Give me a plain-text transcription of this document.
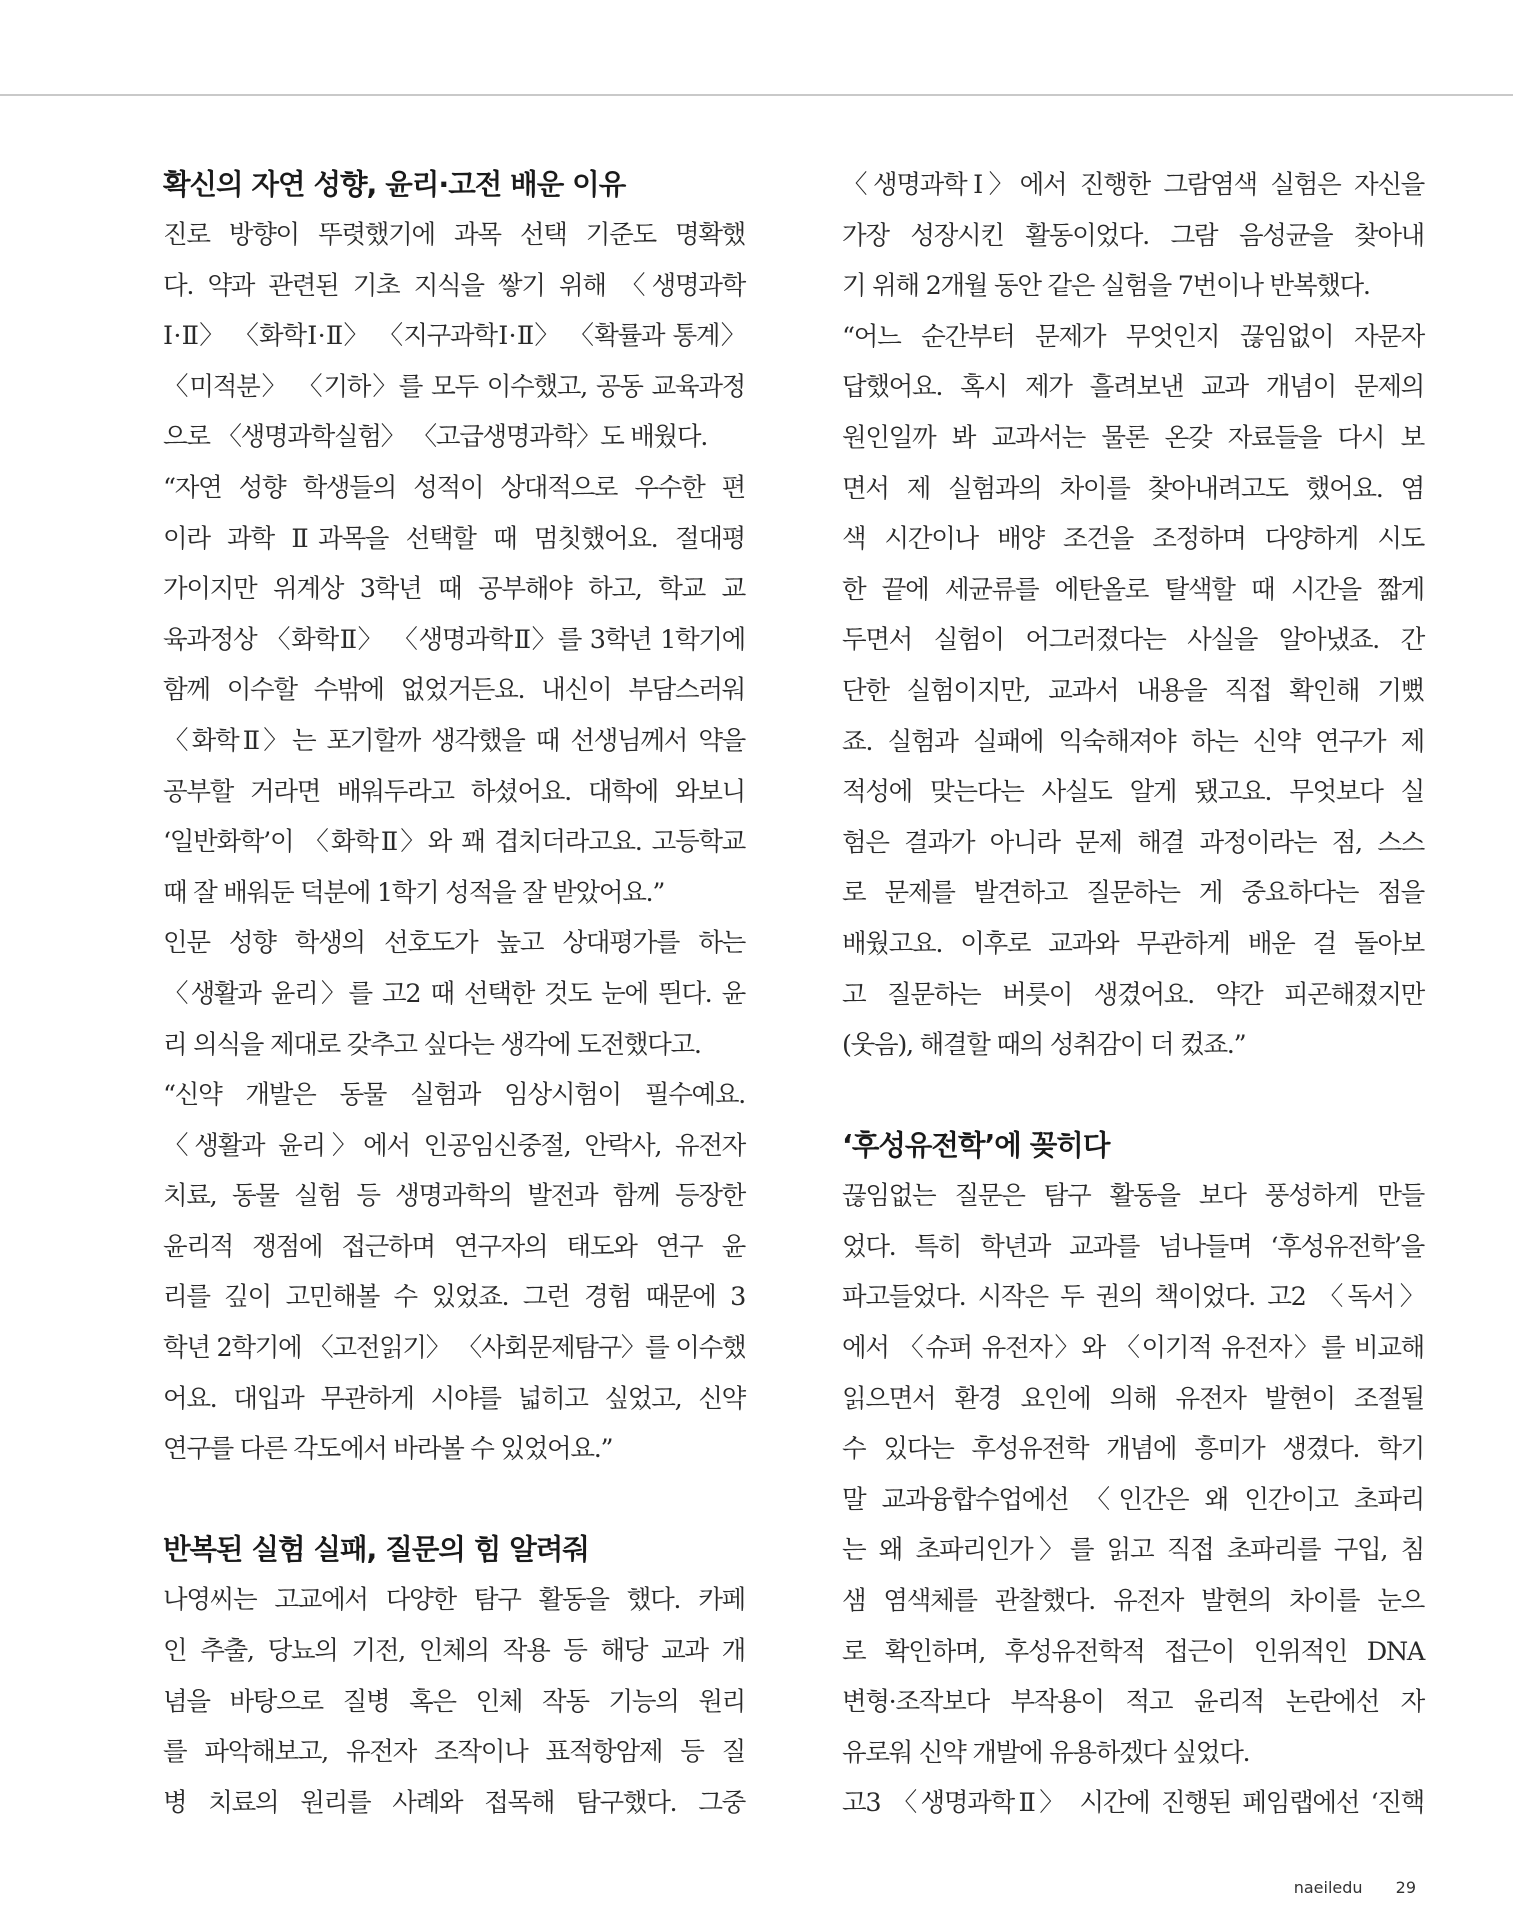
확신의 자연 성향, 윤리·고전 배운 이유
진로 방향이 뚜렷했기에 과목 선택 기준도 명확했
다. 약과 관련된 기초 지식을 쌓기 위해 〈생명과학
Ⅰ·Ⅱ〉 〈화학Ⅰ·Ⅱ〉 〈지구과학Ⅰ·Ⅱ〉 〈확률과 통계〉
〈미적분〉 〈기하〉를 모두 이수했고, 공동 교육과정
으로 〈생명과학실험〉 〈고급생명과학〉도 배웠다.
“자연 성향 학생들의 성적이 상대적으로 우수한 편
이라 과학 Ⅱ과목을 선택할 때 멈칫했어요. 절대평
가이지만 위계상 3학년 때 공부해야 하고, 학교 교
육과정상 〈화학Ⅱ〉 〈생명과학Ⅱ〉를 3학년 1학기에
함께 이수할 수밖에 없었거든요. 내신이 부담스러워
〈화학Ⅱ〉는 포기할까 생각했을 때 선생님께서 약을
공부할 거라면 배워두라고 하셨어요. 대학에 와보니
‘일반화학’이 〈화학Ⅱ〉와 꽤 겹치더라고요. 고등학교
때 잘 배워둔 덕분에 1학기 성적을 잘 받았어요.”
인문 성향 학생의 선호도가 높고 상대평가를 하는
〈생활과 윤리〉를 고2 때 선택한 것도 눈에 띈다. 윤
리 의식을 제대로 갖추고 싶다는 생각에 도전했다고.
“신약 개발은 동물 실험과 임상시험이 필수예요.
〈생활과 윤리〉에서 인공임신중절, 안락사, 유전자
치료, 동물 실험 등 생명과학의 발전과 함께 등장한
윤리적 쟁점에 접근하며 연구자의 태도와 연구 윤
리를 깊이 고민해볼 수 있었죠. 그런 경험 때문에 3
학년 2학기에 〈고전읽기〉 〈사회문제탐구〉를 이수했
어요. 대입과 무관하게 시야를 넓히고 싶었고, 신약
연구를 다른 각도에서 바라볼 수 있었어요.”
반복된 실험 실패, 질문의 힘 알려줘
나영씨는 고교에서 다양한 탐구 활동을 했다. 카페
인 추출, 당뇨의 기전, 인체의 작용 등 해당 교과 개
념을 바탕으로 질병 혹은 인체 작동 기능의 원리
를 파악해보고, 유전자 조작이나 표적항암제 등 질
병 치료의 원리를 사례와 접목해 탐구했다. 그중
〈생명과학Ⅰ〉에서 진행한 그람염색 실험은 자신을
가장 성장시킨 활동이었다. 그람 음성균을 찾아내
기 위해 2개월 동안 같은 실험을 7번이나 반복했다.
“어느 순간부터 문제가 무엇인지 끊임없이 자문자
답했어요. 혹시 제가 흘려보낸 교과 개념이 문제의
원인일까 봐 교과서는 물론 온갖 자료들을 다시 보
면서 제 실험과의 차이를 찾아내려고도 했어요. 염
색 시간이나 배양 조건을 조정하며 다양하게 시도
한 끝에 세균류를 에탄올로 탈색할 때 시간을 짧게
두면서 실험이 어그러졌다는 사실을 알아냈죠. 간
단한 실험이지만, 교과서 내용을 직접 확인해 기뻤
죠. 실험과 실패에 익숙해져야 하는 신약 연구가 제
적성에 맞는다는 사실도 알게 됐고요. 무엇보다 실
험은 결과가 아니라 문제 해결 과정이라는 점, 스스
로 문제를 발견하고 질문하는 게 중요하다는 점을
배웠고요. 이후로 교과와 무관하게 배운 걸 돌아보
고 질문하는 버릇이 생겼어요. 약간 피곤해졌지만
(웃음), 해결할 때의 성취감이 더 컸죠.”
‘후성유전학’에 꽂히다
끊임없는 질문은 탐구 활동을 보다 풍성하게 만들
었다. 특히 학년과 교과를 넘나들며 ‘후성유전학’을
파고들었다. 시작은 두 권의 책이었다. 고2 〈독서〉
에서 〈슈퍼 유전자〉와 〈이기적 유전자〉를 비교해
읽으면서 환경 요인에 의해 유전자 발현이 조절될
수 있다는 후성유전학 개념에 흥미가 생겼다. 학기
말 교과융합수업에선 〈인간은 왜 인간이고 초파리
는 왜 초파리인가〉를 읽고 직접 초파리를 구입, 침
샘 염색체를 관찰했다. 유전자 발현의 차이를 눈으
로 확인하며, 후성유전학적 접근이 인위적인 DNA
변형·조작보다 부작용이 적고 윤리적 논란에선 자
유로워 신약 개발에 유용하겠다 싶었다.
고3 〈생명과학Ⅱ〉 시간에 진행된 페임랩에선 ‘진핵
naeiledu 29
